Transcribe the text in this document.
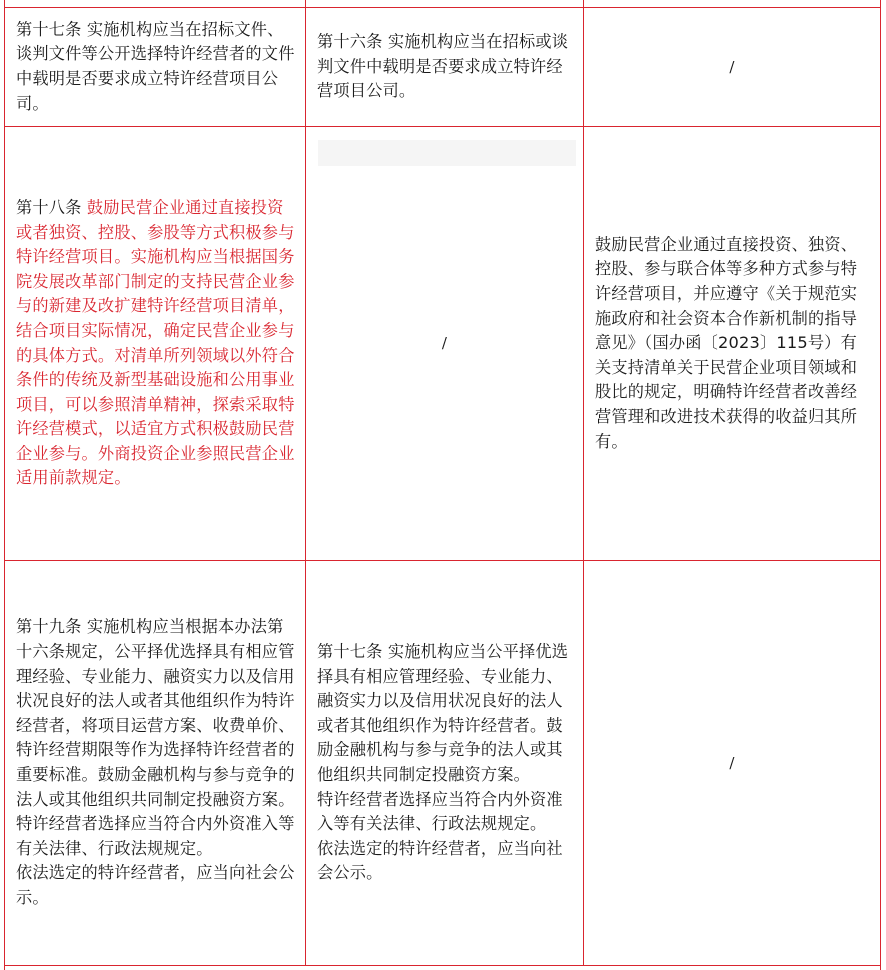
第十七条 实施机构应当在招标文件、谈判文件等公开选择特许经营者的文件中载明是否要求成立特许经营项目公司。

第十六条 实施机构应当在招标或谈判文件中载明是否要求成立特许经营项目公司。

/

第十八条 鼓励民营企业通过直接投资或者独资、控股、参股等方式积极参与特许经营项目。实施机构应当根据国务院发展改革部门制定的支持民营企业参与的新建及改扩建特许经营项目清单，结合项目实际情况，确定民营企业参与的具体方式。对清单所列领域以外符合条件的传统及新型基础设施和公用事业项目，可以参照清单精神，探索采取特许经营模式，以适宜方式积极鼓励民营企业参与。外商投资企业参照民营企业适用前款规定。

/

鼓励民营企业通过直接投资、独资、控股、参与联合体等多种方式参与特许经营项目，并应遵守《关于规范实施政府和社会资本合作新机制的指导意见》（国办函〔2023〕115号）有关支持清单关于民营企业项目领域和股比的规定，明确特许经营者改善经营管理和改进技术获得的收益归其所有。

第十九条 实施机构应当根据本办法第十六条规定，公平择优选择具有相应管理经验、专业能力、融资实力以及信用状况良好的法人或者其他组织作为特许经营者，将项目运营方案、收费单价、特许经营期限等作为选择特许经营者的重要标准。鼓励金融机构与参与竞争的法人或其他组织共同制定投融资方案。

特许经营者选择应当符合内外资准入等有关法律、行政法规规定。

依法选定的特许经营者，应当向社会公示。

第十七条 实施机构应当公平择优选择具有相应管理经验、专业能力、融资实力以及信用状况良好的法人或者其他组织作为特许经营者。鼓励金融机构与参与竞争的法人或其他组织共同制定投融资方案。

特许经营者选择应当符合内外资准入等有关法律、行政法规规定。

依法选定的特许经营者，应当向社会公示。

/
